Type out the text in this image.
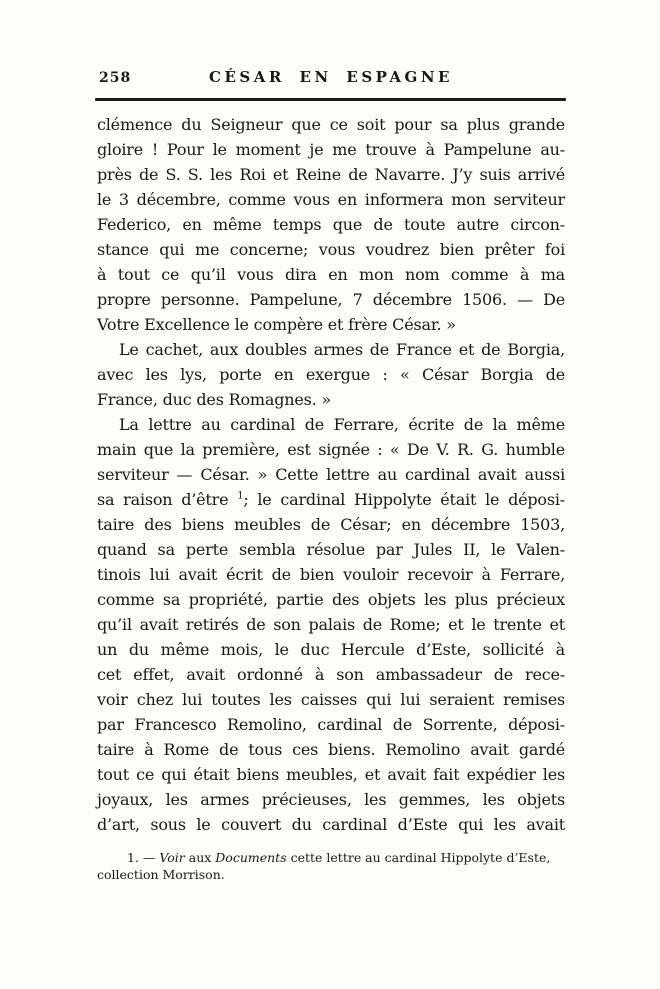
258	CÉSAR EN ESPAGNE
clémence du Seigneur que ce soit pour sa plus grande
gloire ! Pour le moment je me trouve à Pampelune au-
près de S. S. les Roi et Reine de Navarre. J’y suis arrivé
le 3 décembre, comme vous en informera mon serviteur
Federico, en même temps que de toute autre circon-
stance qui me concerne; vous voudrez bien prêter foi
à tout ce qu’il vous dira en mon nom comme à ma
propre personne. Pampelune, 7 décembre 1506. — De
Votre Excellence le compère et frère César. »
Le cachet, aux doubles armes de France et de Borgia,
avec les lys, porte en exergue : « César Borgia de
France, duc des Romagnes. »
La lettre au cardinal de Ferrare, écrite de la même
main que la première, est signée : « De V. R. G. humble
serviteur — César. » Cette lettre au cardinal avait aussi
sa raison d’être $^1$; le cardinal Hippolyte était le déposi-
taire des biens meubles de César; en décembre 1503,
quand sa perte sembla résolue par Jules II, le Valen-
tinois lui avait écrit de bien vouloir recevoir à Ferrare,
comme sa propriété, partie des objets les plus précieux
qu’il avait retirés de son palais de Rome; et le trente et
un du même mois, le duc Hercule d’Este, sollicité à
cet effet, avait ordonné à son ambassadeur de rece-
voir chez lui toutes les caisses qui lui seraient remises
par Francesco Remolino, cardinal de Sorrente, déposi-
taire à Rome de tous ces biens. Remolino avait gardé
tout ce qui était biens meubles, et avait fait expédier les
joyaux, les armes précieuses, les gemmes, les objets
d’art, sous le couvert du cardinal d’Este qui les avait
1. — Voir aux Documents cette lettre au cardinal Hippolyte d’Este,
collection Morrison.
